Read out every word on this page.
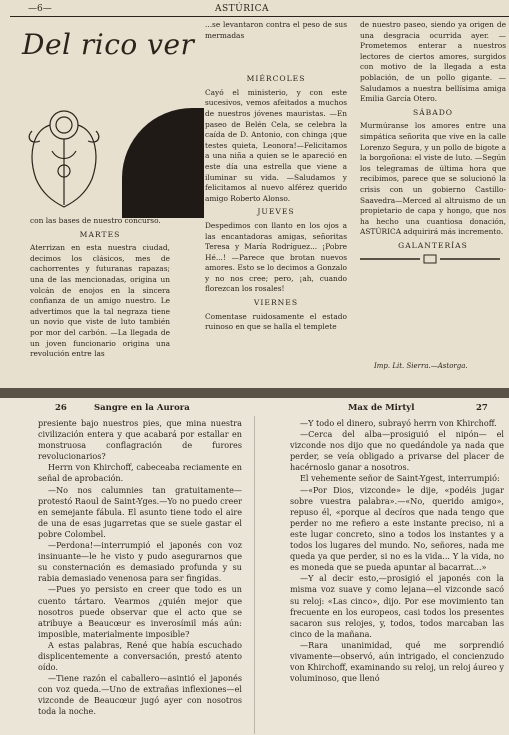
—6—	ASTÚRICA
Del rico ver

con las bases de nuestro concurso.

MARTES

Aterrizan en esta nuestra ciudad, decimos los clásicos, mes de cachorrentes y futuranas rapazas; una de las mencionadas, origina un volcán de enojos en la sincera confianza de un amigo nuestro. Le advertimos que la tal negraza tiene un novio que viste de luto también por mor del carbón. —La llegada de un joven funcionario origina una revolución entre las

...se levantaron contra el peso de sus mermadas

MIÉRCOLES

Cayó el ministerio, y con este sucesivos, vemos afeitados a muchos de nuestros jóvenes mauristas. —En paseo de Belén Cela, se celebra la caída de D. Antonio, con chinga ¡que testes quieta, Leonora!—Felicitamos a una niña a quien se le apareció en este día una estrella que viene a iluminar su vida. —Saludamos y felicitamos al nuevo alférez querido amigo Roberto Alonso.

JUEVES

Despedimos con llanto en los ojos a las encantadoras amigas, señoritas Teresa y María Rodríguez... ¡Pobre Hé...! —Parece que brotan nuevos amores. Esto se lo decimos a Gonzalo y no nos cree; pero, ¡ah, cuando florezcan los rosales!

VIERNES

Comentase ruidosamente el estado ruinoso en que se halla el templete

de nuestro paseo, siendo ya origen de una desgracia ocurrida ayer. —Prometemos enterar a nuestros lectores de ciertos amores, surgidos con motivo de la llegada a esta población, de un pollo gigante. —Saludamos a nuestra bellísima amiga Emilia García Otero.

SÁBADO

Murmúranse los amores entre una simpática señorita que vive en la calle Lorenzo Segura, y un pollo de bigote a la borgoñona: el viste de luto. —Según los telegramas de última hora que recibimos, parece que se solucionó la crisis con un gobierno Castillo-Saavedra—Merced al altruismo de un propietario de capa y hongo, que nos ha hecho una cuantiosa donación, ASTÚRICA adquirirá más incremento.

GALANTERÍAS
Imp. Lit. Sierra.—Astorga.
26	Sangre en la Aurora	Max de Mirtyl	27

presiente bajo nuestros pies, que mina nuestra civilización entera y que acabará por estallar en monstruosa conflagración de furores revolucionarios?

Herrn von Khirchoff, cabeceaba reciamente en señal de aprobación.

—No nos calumnies tan gratuitamente— protestó Raoul de Saint-Yges.—Yo no puedo creer en semejante fábula. El asunto tiene todo el aire de una de esas jugarretas que se suele gastar el pobre Colombel.

—Perdona!—interrumpió el japonés con voz insinuante—le he visto y pudo asegurarnos que su consternación es demasiado profunda y su rabia demasiado venenosa para ser fingidas.

—Pues yo persisto en creer que todo es un cuento tártaro. Vearmos ¿quién mejor que nosotros puede observar que el acto que se atribuye a Beaucœur es inverosímil más aún: imposible, materialmente imposible?

A estas palabras, René que había escuchado displicentemente a conversación, prestó atento oído.

—Tiene razón el caballero—asintió el japonés con voz queda.—Uno de extrañas inflexiones—el vizconde de Beaucœur jugó ayer con nosotros toda la noche.

—Y todo el dinero, subrayó herrn von Khirchoff.

—Cerca del alba—prosiguió el nipón— el vizconde nos dijo que no quedándole ya nada que perder, se veía obligado a privarse del placer de hacérnoslo ganar a nosotros.

El vehemente señor de Saint-Ygest, interrumpió:

—«Por Dios, vizconde» le dije, «podéis jugar sobre vuestra palabra».—«No, querido amigo», repuso él, «porque al decíros que nada tengo que perder no me refiero a este instante preciso, ni a este lugar concreto, sino a todos los instantes y a todos los lugares del mundo. No, señores, nada me queda ya que perder, si no es la vida... Y la vida, no es moneda que se pueda apuntar al bacarrat...»

—Y al decir esto,—prosigió el japonés con la misma voz suave y como lejana—el vizconde sacó su reloj: «Las cinco», dijo. Por ese movimiento tan frecuente en los europeos, casi todos los presentes sacaron sus relojes, y, todos, todos marcaban las cinco de la mañana.

—Rara unanimidad, qué me sorprendió vivamente—observó, aún intrigado, el concienzudo von Khirchoff, examinando su reloj, un reloj áureo y voluminoso, que llenó
